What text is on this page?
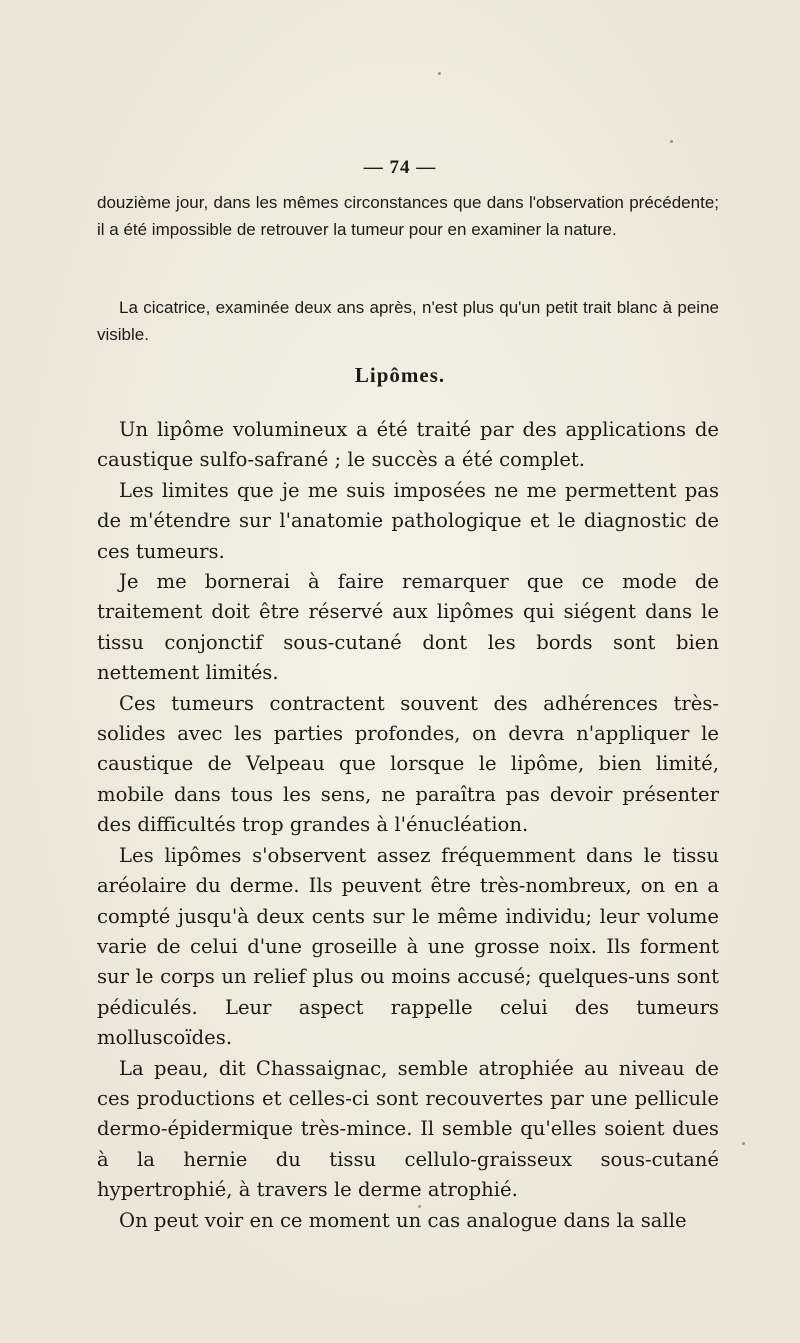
— 74 —

douzième jour, dans les mêmes circonstances que dans l'observation précédente; il a été impossible de retrouver la tumeur pour en examiner la nature.

La cicatrice, examinée deux ans après, n'est plus qu'un petit trait blanc à peine visible.

Lipômes.

Un lipôme volumineux a été traité par des applications de caustique sulfo-safrané ; le succès a été complet.

Les limites que je me suis imposées ne me permettent pas de m'étendre sur l'anatomie pathologique et le diagnostic de ces tumeurs.

Je me bornerai à faire remarquer que ce mode de traitement doit être réservé aux lipômes qui siégent dans le tissu conjonctif sous-cutané dont les bords sont bien nettement limités.

Ces tumeurs contractent souvent des adhérences très-solides avec les parties profondes, on devra n'appliquer le caustique de Velpeau que lorsque le lipôme, bien limité, mobile dans tous les sens, ne paraîtra pas devoir présenter des difficultés trop grandes à l'énucléation.

Les lipômes s'observent assez fréquemment dans le tissu aréolaire du derme. Ils peuvent être très-nombreux, on en a compté jusqu'à deux cents sur le même individu; leur volume varie de celui d'une groseille à une grosse noix. Ils forment sur le corps un relief plus ou moins accusé; quelques-uns sont pédiculés. Leur aspect rappelle celui des tumeurs molluscoïdes.

La peau, dit Chassaignac, semble atrophiée au niveau de ces productions et celles-ci sont recouvertes par une pellicule dermo-épidermique très-mince. Il semble qu'elles soient dues à la hernie du tissu cellulo-graisseux sous-cutané hypertrophié, à travers le derme atrophié.

On peut voir en ce moment un cas analogue dans la salle
